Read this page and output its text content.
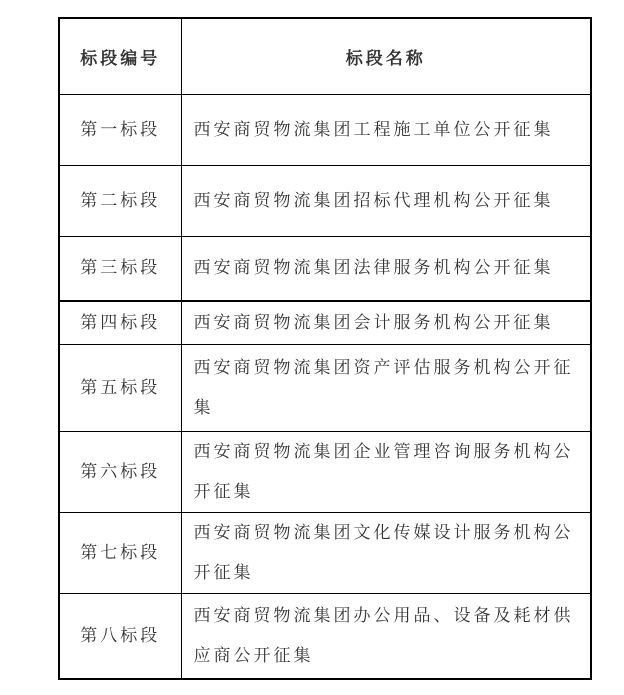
标段编号	标段名称
第一标段	西安商贸物流集团工程施工单位公开征集
第二标段	西安商贸物流集团招标代理机构公开征集
第三标段	西安商贸物流集团法律服务机构公开征集
第四标段	西安商贸物流集团会计服务机构公开征集
第五标段	西安商贸物流集团资产评估服务机构公开征集
第六标段	西安商贸物流集团企业管理咨询服务机构公开征集
第七标段	西安商贸物流集团文化传媒设计服务机构公开征集
第八标段	西安商贸物流集团办公用品、设备及耗材供应商公开征集
